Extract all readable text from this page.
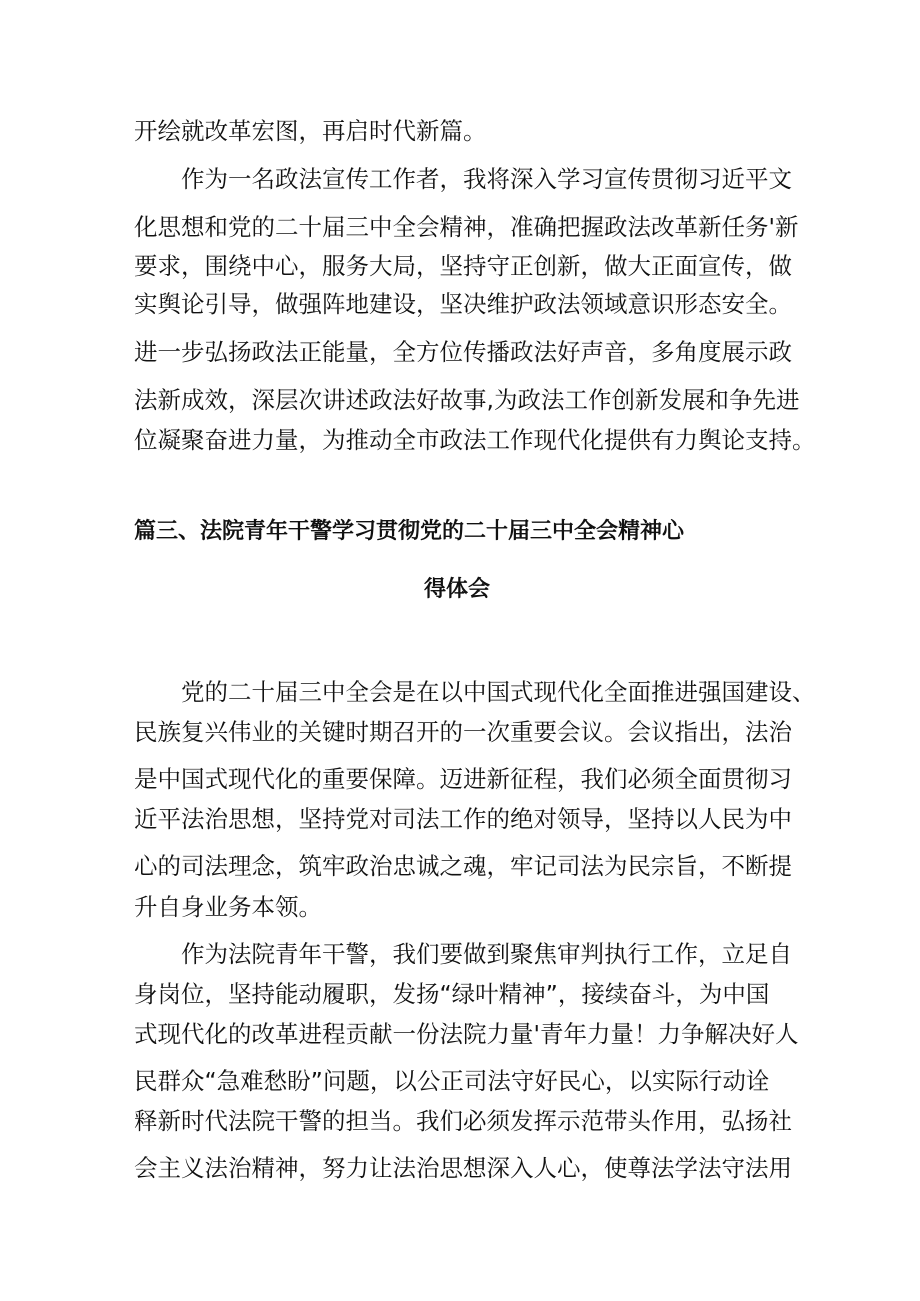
开绘就改革宏图，再启时代新篇。
作为一名政法宣传工作者，我将深入学习宣传贯彻习近平文
化思想和党的二十届三中全会精神，准确把握政法改革新任务'新
要求，围绕中心，服务大局，坚持守正创新，做大正面宣传，做
实舆论引导，做强阵地建设，坚决维护政法领域意识形态安全。
进一步弘扬政法正能量，全方位传播政法好声音，多角度展示政
法新成效，深层次讲述政法好故事,为政法工作创新发展和争先进
位凝聚奋进力量，为推动全市政法工作现代化提供有力舆论支持。
篇三、法院青年干警学习贯彻党的二十届三中全会精神心
得体会
党的二十届三中全会是在以中国式现代化全面推进强国建设、
民族复兴伟业的关键时期召开的一次重要会议。会议指出，法治
是中国式现代化的重要保障。迈进新征程，我们必须全面贯彻习
近平法治思想，坚持党对司法工作的绝对领导，坚持以人民为中
心的司法理念，筑牢政治忠诚之魂，牢记司法为民宗旨，不断提
升自身业务本领。
作为法院青年干警，我们要做到聚焦审判执行工作，立足自
身岗位，坚持能动履职，发扬“绿叶精神”，接续奋斗，为中国
式现代化的改革进程贡献一份法院力量'青年力量！力争解决好人
民群众“急难愁盼”问题，以公正司法守好民心，以实际行动诠
释新时代法院干警的担当。我们必须发挥示范带头作用，弘扬社
会主义法治精神，努力让法治思想深入人心，使尊法学法守法用
